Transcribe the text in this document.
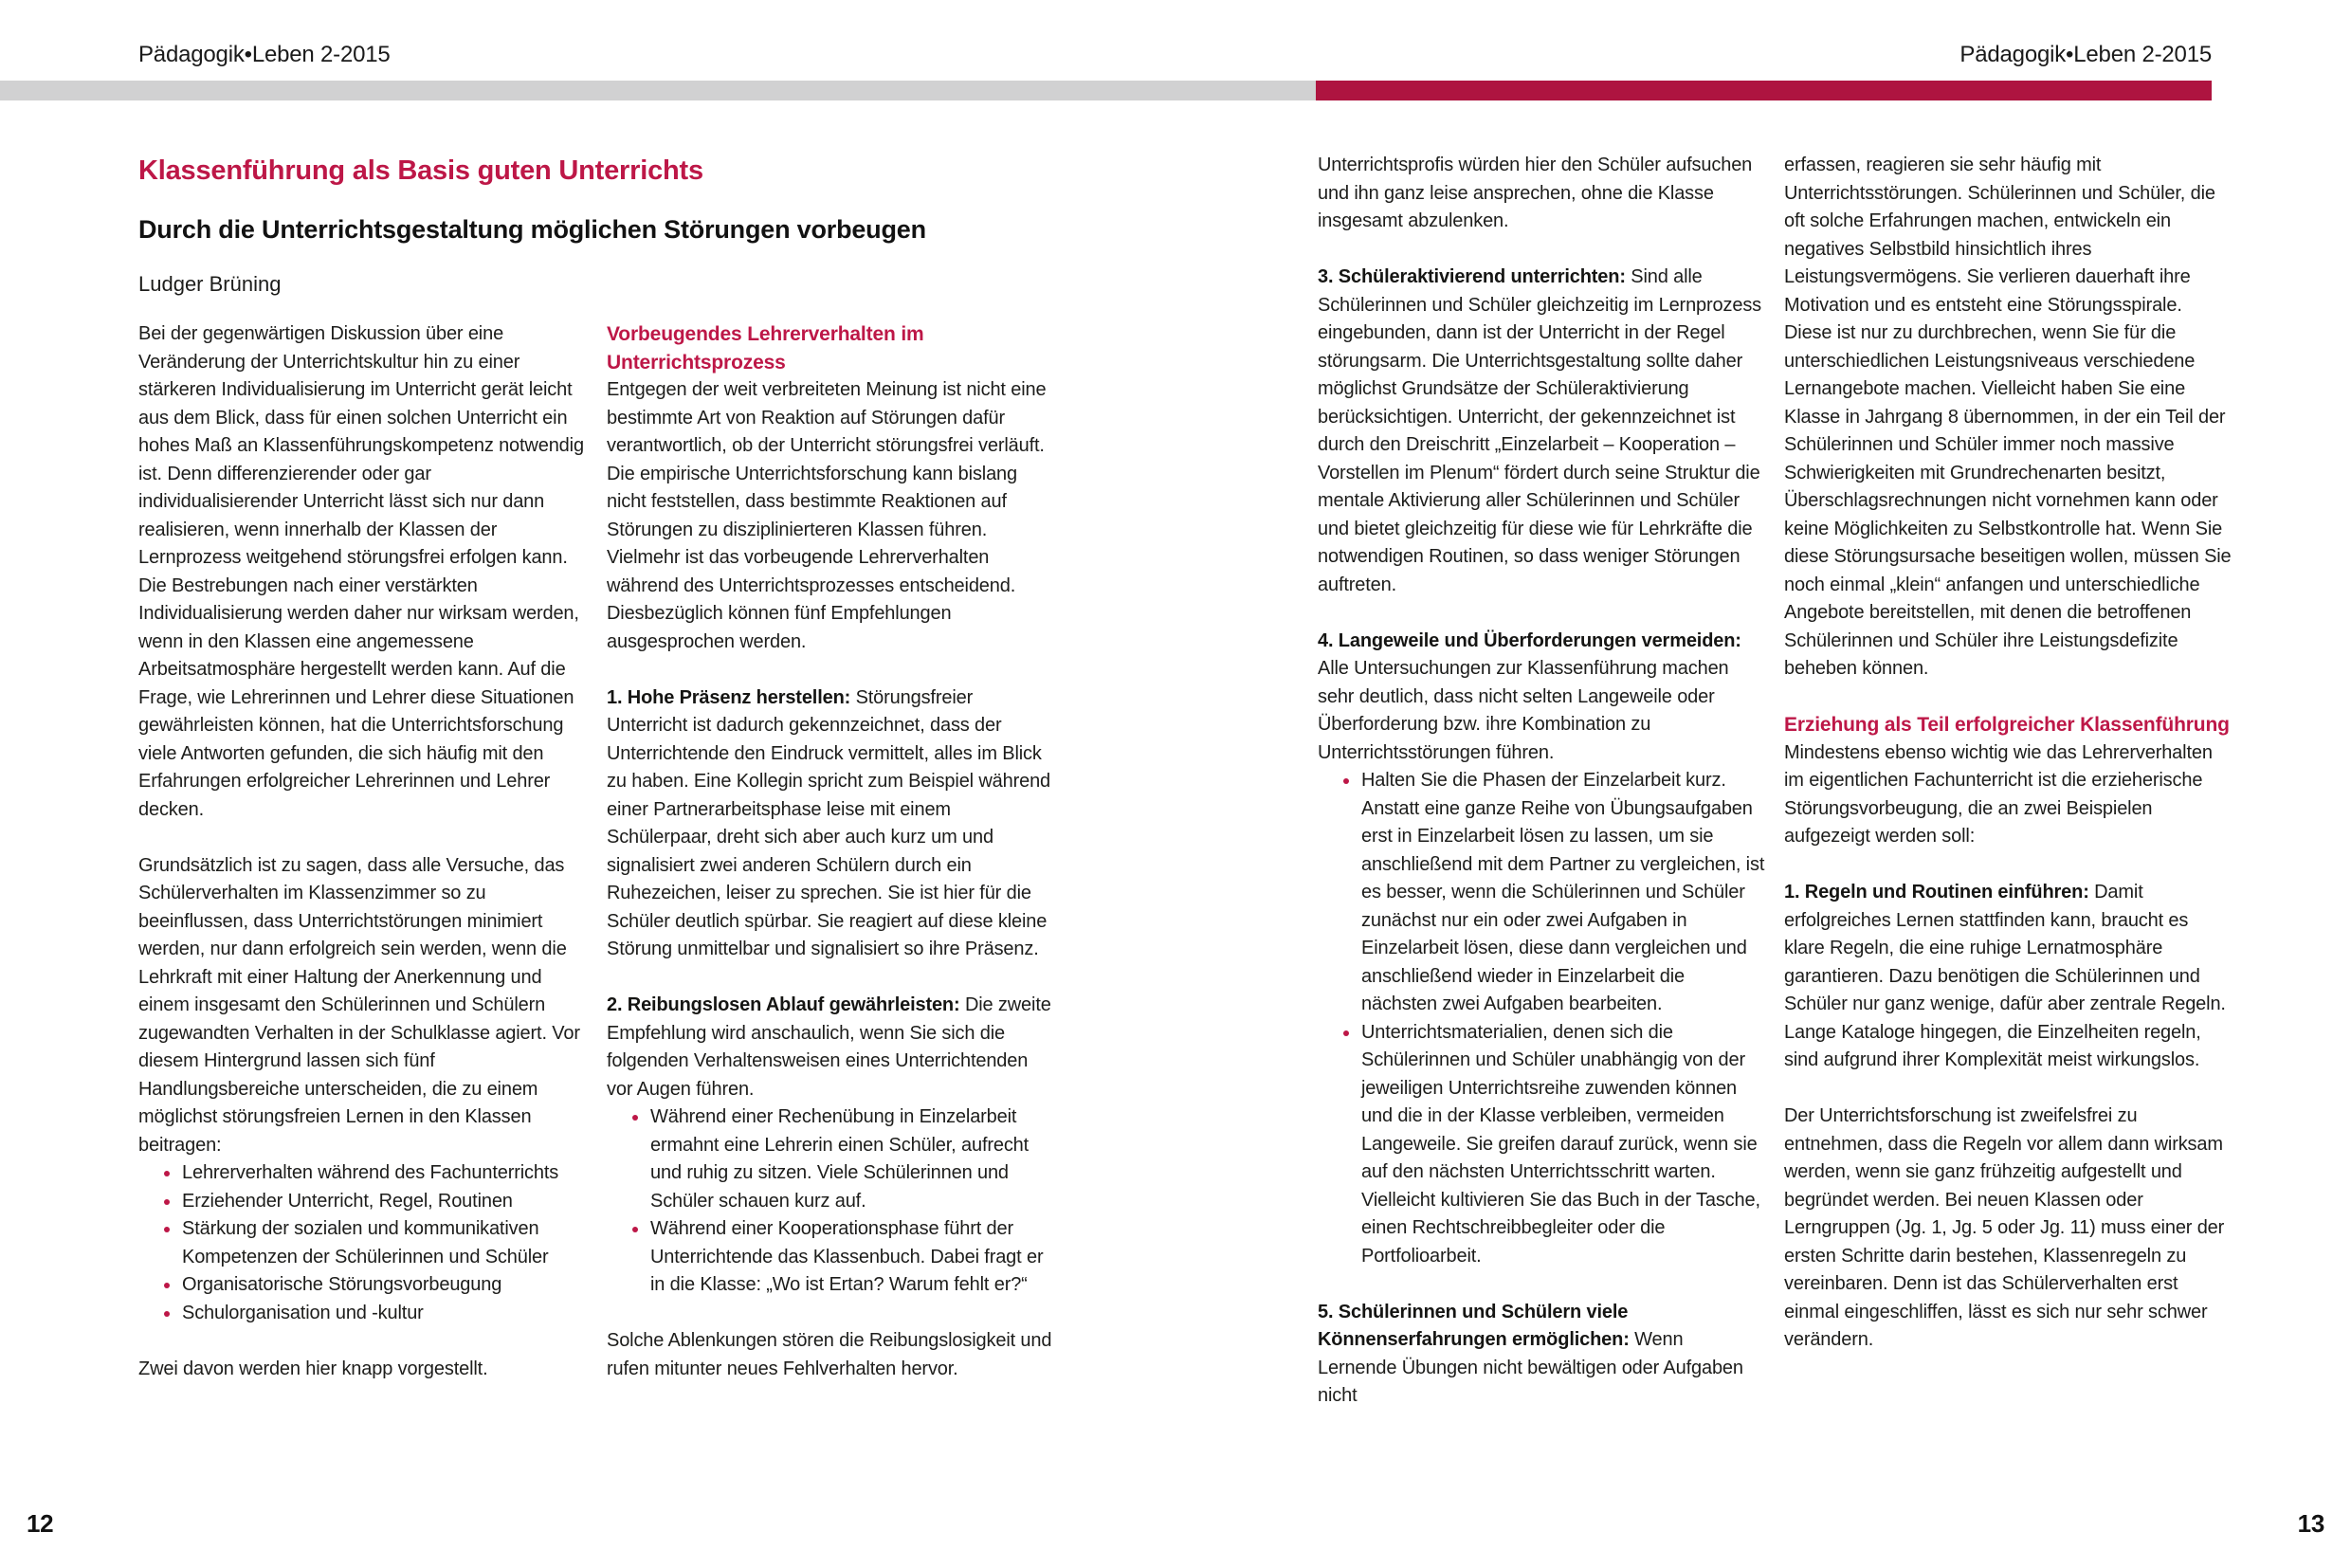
Pädagogik•Leben 2-2015	Pädagogik•Leben 2-2015
Klassenführung als Basis guten Unterrichts
Durch die Unterrichtsgestaltung möglichen Störungen vorbeugen
Ludger Brüning

Bei der gegenwärtigen Diskussion über eine Veränderung der Unterrichtskultur hin zu einer stärkeren Individualisierung im Unterricht gerät leicht aus dem Blick, dass für einen solchen Unterricht ein hohes Maß an Klassenführungskompetenz notwendig ist. Denn differenzierender oder gar individualisierender Unterricht lässt sich nur dann realisieren, wenn innerhalb der Klassen der Lernprozess weitgehend störungsfrei erfolgen kann. Die Bestrebungen nach einer verstärkten Individualisierung werden daher nur wirksam werden, wenn in den Klassen eine angemessene Arbeitsatmosphäre hergestellt werden kann. Auf die Frage, wie Lehrerinnen und Lehrer diese Situationen gewährleisten können, hat die Unterrichtsforschung viele Antworten gefunden, die sich häufig mit den Erfahrungen erfolgreicher Lehrerinnen und Lehrer decken.

Grundsätzlich ist zu sagen, dass alle Versuche, das Schülerverhalten im Klassenzimmer so zu beeinflussen, dass Unterrichtstörungen minimiert werden, nur dann erfolgreich sein werden, wenn die Lehrkraft mit einer Haltung der Anerkennung und einem insgesamt den Schülerinnen und Schülern zugewandten Verhalten in der Schulklasse agiert. Vor diesem Hintergrund lassen sich fünf Handlungsbereiche unterscheiden, die zu einem möglichst störungsfreien Lernen in den Klassen beitragen:

Lehrerverhalten während des Fachunterrichts
Erziehender Unterricht, Regel, Routinen
Stärkung der sozialen und kommunikativen Kompetenzen der Schülerinnen und Schüler
Organisatorische Störungsvorbeugung
Schulorganisation und -kultur

Zwei davon werden hier knapp vorgestellt.

Vorbeugendes Lehrerverhalten im Unterrichtsprozess

Entgegen der weit verbreiteten Meinung ist nicht eine bestimmte Art von Reaktion auf Störungen dafür verantwortlich, ob der Unterricht störungsfrei verläuft. Die empirische Unterrichtsforschung kann bislang nicht feststellen, dass bestimmte Reaktionen auf Störungen zu disziplinierteren Klassen führen. Vielmehr ist das vorbeugende Lehrerverhalten während des Unterrichtsprozesses entscheidend. Diesbezüglich können fünf Empfehlungen ausgesprochen werden.

1. Hohe Präsenz herstellen: Störungsfreier Unterricht ist dadurch gekennzeichnet, dass der Unterrichtende den Eindruck vermittelt, alles im Blick zu haben. Eine Kollegin spricht zum Beispiel während einer Partnerarbeitsphase leise mit einem Schülerpaar, dreht sich aber auch kurz um und signalisiert zwei anderen Schülern durch ein Ruhezeichen, leiser zu sprechen. Sie ist hier für die Schüler deutlich spürbar. Sie reagiert auf diese kleine Störung unmittelbar und signalisiert so ihre Präsenz.

2. Reibungslosen Ablauf gewährleisten: Die zweite Empfehlung wird anschaulich, wenn Sie sich die folgenden Verhaltensweisen eines Unterrichtenden vor Augen führen.

Während einer Rechenübung in Einzelarbeit ermahnt eine Lehrerin einen Schüler, aufrecht und ruhig zu sitzen. Viele Schülerinnen und Schüler schauen kurz auf.
Während einer Kooperationsphase führt der Unterrichtende das Klassenbuch. Dabei fragt er in die Klasse: „Wo ist Ertan? Warum fehlt er?“

Solche Ablenkungen stören die Reibungslosigkeit und rufen mitunter neues Fehlverhalten hervor.

Unterrichtsprofis würden hier den Schüler aufsuchen und ihn ganz leise ansprechen, ohne die Klasse insgesamt abzulenken.

3. Schüleraktivierend unterrichten: Sind alle Schülerinnen und Schüler gleichzeitig im Lernprozess eingebunden, dann ist der Unterricht in der Regel störungsarm. Die Unterrichtsgestaltung sollte daher möglichst Grundsätze der Schüleraktivierung berücksichtigen. Unterricht, der gekennzeichnet ist durch den Dreischritt „Einzelarbeit – Kooperation – Vorstellen im Plenum“ fördert durch seine Struktur die mentale Aktivierung aller Schülerinnen und Schüler und bietet gleichzeitig für diese wie für Lehrkräfte die notwendigen Routinen, so dass weniger Störungen auftreten.

4. Langeweile und Überforderungen vermeiden: Alle Untersuchungen zur Klassenführung machen sehr deutlich, dass nicht selten Langeweile oder Überforderung bzw. ihre Kombination zu Unterrichtsstörungen führen.

Halten Sie die Phasen der Einzelarbeit kurz. Anstatt eine ganze Reihe von Übungsaufgaben erst in Einzelarbeit lösen zu lassen, um sie anschließend mit dem Partner zu vergleichen, ist es besser, wenn die Schülerinnen und Schüler zunächst nur ein oder zwei Aufgaben in Einzelarbeit lösen, diese dann vergleichen und anschließend wieder in Einzelarbeit die nächsten zwei Aufgaben bearbeiten.
Unterrichtsmaterialien, denen sich die Schülerinnen und Schüler unabhängig von der jeweiligen Unterrichtsreihe zuwenden können und die in der Klasse verbleiben, vermeiden Langeweile. Sie greifen darauf zurück, wenn sie auf den nächsten Unterrichtsschritt warten. Vielleicht kultivieren Sie das Buch in der Tasche, einen Rechtschreibbegleiter oder die Portfolioarbeit.

5. Schülerinnen und Schülern viele Könnenserfahrungen ermöglichen: Wenn Lernende Übungen nicht bewältigen oder Aufgaben nicht

erfassen, reagieren sie sehr häufig mit Unterrichtsstörungen. Schülerinnen und Schüler, die oft solche Erfahrungen machen, entwickeln ein negatives Selbstbild hinsichtlich ihres Leistungsvermögens. Sie verlieren dauerhaft ihre Motivation und es entsteht eine Störungsspirale. Diese ist nur zu durchbrechen, wenn Sie für die unterschiedlichen Leistungsniveaus verschiedene Lernangebote machen. Vielleicht haben Sie eine Klasse in Jahrgang 8 übernommen, in der ein Teil der Schülerinnen und Schüler immer noch massive Schwierigkeiten mit Grundrechenarten besitzt, Überschlagsrechnungen nicht vornehmen kann oder keine Möglichkeiten zu Selbstkontrolle hat. Wenn Sie diese Störungsursache beseitigen wollen, müssen Sie noch einmal „klein“ anfangen und unterschiedliche Angebote bereitstellen, mit denen die betroffenen Schülerinnen und Schüler ihre Leistungsdefizite beheben können.

Erziehung als Teil erfolgreicher Klassenführung

Mindestens ebenso wichtig wie das Lehrerverhalten im eigentlichen Fachunterricht ist die erzieherische Störungsvorbeugung, die an zwei Beispielen aufgezeigt werden soll:

1. Regeln und Routinen einführen: Damit erfolgreiches Lernen stattfinden kann, braucht es klare Regeln, die eine ruhige Lernatmosphäre garantieren. Dazu benötigen die Schülerinnen und Schüler nur ganz wenige, dafür aber zentrale Regeln. Lange Kataloge hingegen, die Einzelheiten regeln, sind aufgrund ihrer Komplexität meist wirkungslos.

Der Unterrichtsforschung ist zweifelsfrei zu entnehmen, dass die Regeln vor allem dann wirksam werden, wenn sie ganz frühzeitig aufgestellt und begründet werden. Bei neuen Klassen oder Lerngruppen (Jg. 1, Jg. 5 oder Jg. 11) muss einer der ersten Schritte darin bestehen, Klassenregeln zu vereinbaren. Denn ist das Schülerverhalten erst einmal eingeschliffen, lässt es sich nur sehr schwer verändern.

12	13
